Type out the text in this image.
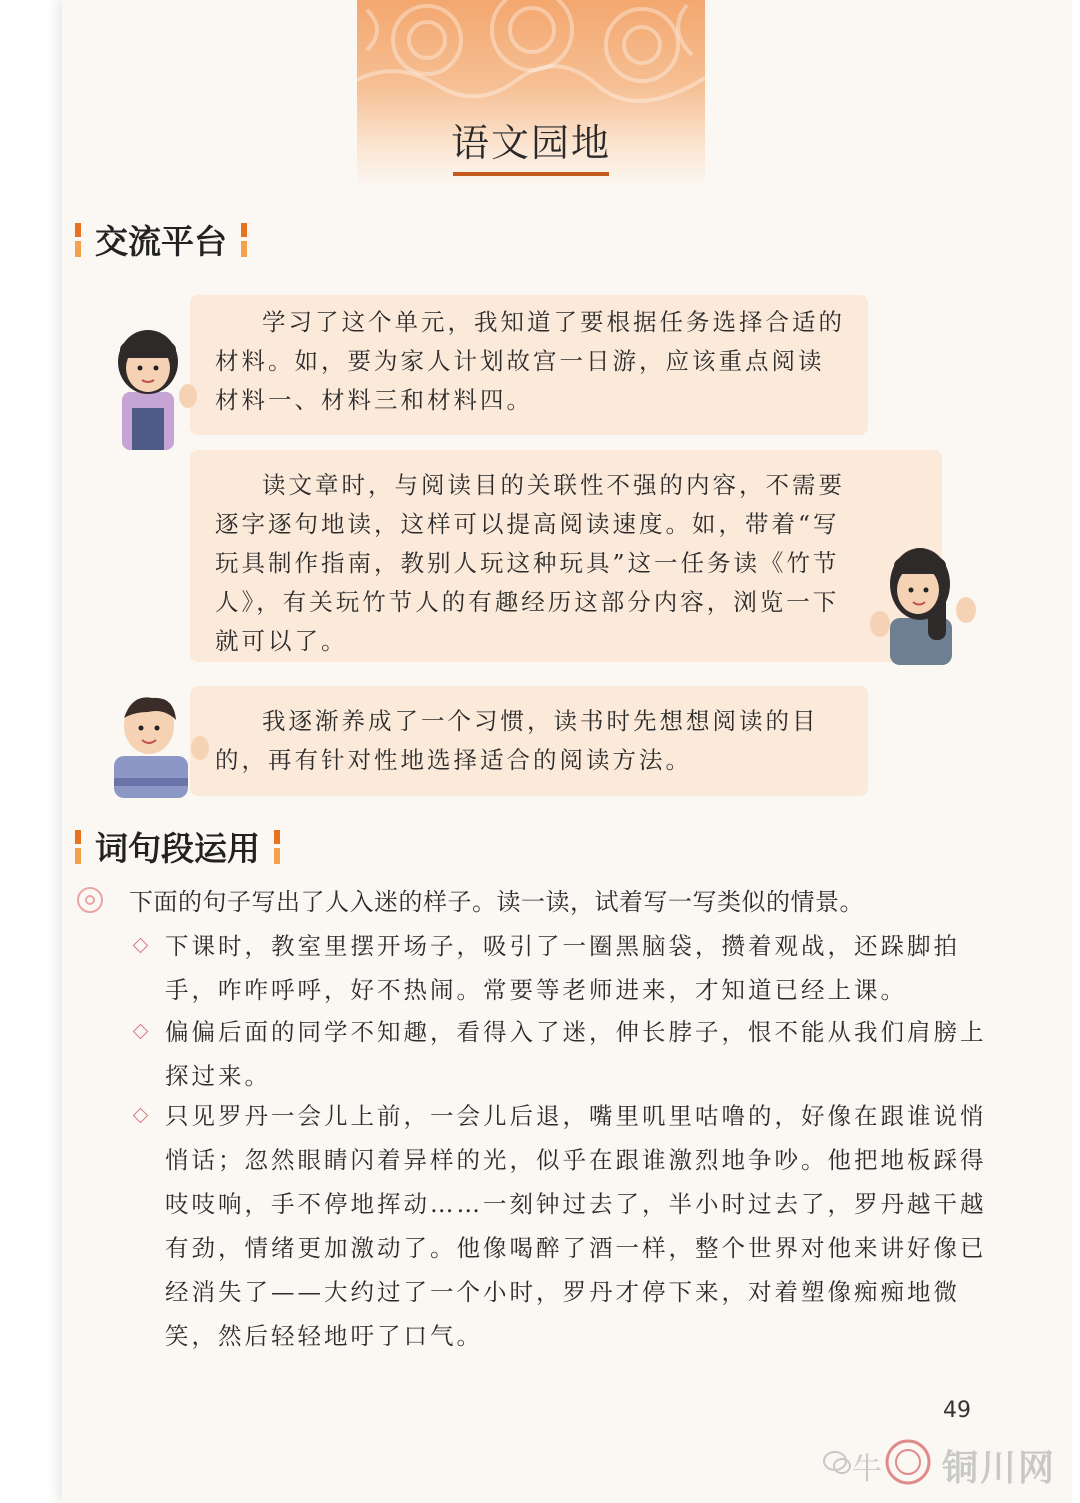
语文园地
交流平台

学习了这个单元，我知道了要根据任务选择合适的材料。如，要为家人计划故宫一日游，应该重点阅读材料一、材料三和材料四。

读文章时，与阅读目的关联性不强的内容，不需要逐字逐句地读，这样可以提高阅读速度。如，带着“写玩具制作指南，教别人玩这种玩具”这一任务读《竹节人》，有关玩竹节人的有趣经历这部分内容，浏览一下就可以了。

我逐渐养成了一个习惯，读书时先想想阅读的目的，再有针对性地选择适合的阅读方法。

词句段运用
下面的句子写出了人入迷的样子。读一读，试着写一写类似的情景。
下课时，教室里摆开场子，吸引了一圈黑脑袋，攒着观战，还跺脚拍手，咋咋呼呼，好不热闹。常要等老师进来，才知道已经上课。
偏偏后面的同学不知趣，看得入了迷，伸长脖子，恨不能从我们肩膀上探过来。
只见罗丹一会儿上前，一会儿后退，嘴里叽里咕噜的，好像在跟谁说悄悄话；忽然眼睛闪着异样的光，似乎在跟谁激烈地争吵。他把地板踩得吱吱响，手不停地挥动……一刻钟过去了，半小时过去了，罗丹越干越有劲，情绪更加激动了。他像喝醉了酒一样，整个世界对他来讲好像已经消失了——大约过了一个小时，罗丹才停下来，对着塑像痴痴地微笑，然后轻轻地吁了口气。
49
牛 铜川网
